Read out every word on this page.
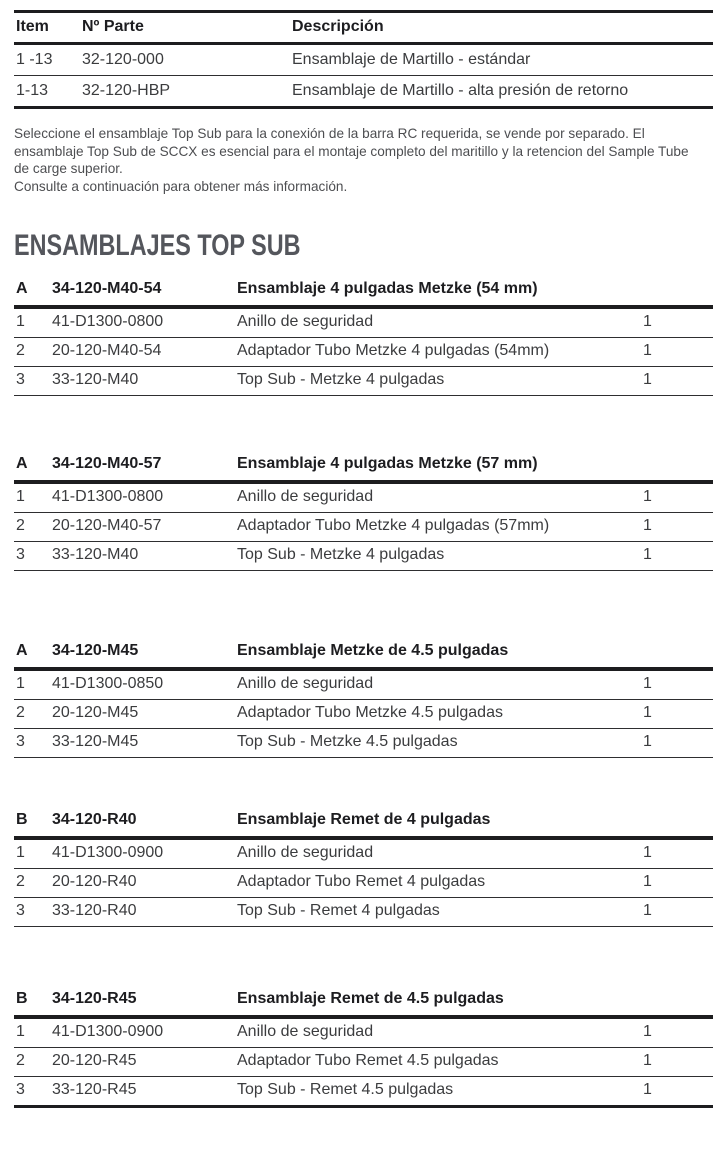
Item	Nº Parte	Descripción
1 -13	32-120-000	Ensamblaje de Martillo - estándar
1-13	32-120-HBP	Ensamblaje de Martillo - alta presión de retorno
Seleccione el ensamblaje Top Sub para la conexión de la barra RC requerida, se vende por separado. El ensamblaje Top Sub de SCCX es esencial para el montaje completo del maritillo y la retencion del Sample Tube de carge superior.
Consulte a continuación para obtener más información.
ENSAMBLAJES TOP SUB
A	34-120-M40-54	Ensamblaje 4 pulgadas Metzke (54 mm)	
1	41-D1300-0800	Anillo de seguridad	1
2	20-120-M40-54	Adaptador Tubo Metzke 4 pulgadas (54mm)	1
3	33-120-M40	Top Sub - Metzke 4 pulgadas	1
A	34-120-M40-57	Ensamblaje 4 pulgadas Metzke (57 mm)	
1	41-D1300-0800	Anillo de seguridad	1
2	20-120-M40-57	Adaptador Tubo Metzke 4 pulgadas (57mm)	1
3	33-120-M40	Top Sub - Metzke 4 pulgadas	1
A	34-120-M45	Ensamblaje Metzke de 4.5 pulgadas	
1	41-D1300-0850	Anillo de seguridad	1
2	20-120-M45	Adaptador Tubo Metzke 4.5 pulgadas	1
3	33-120-M45	Top Sub - Metzke 4.5 pulgadas	1
B	34-120-R40	Ensamblaje Remet de 4 pulgadas	
1	41-D1300-0900	Anillo de seguridad	1
2	20-120-R40	Adaptador Tubo Remet 4 pulgadas	1
3	33-120-R40	Top Sub - Remet 4 pulgadas	1
B	34-120-R45	Ensamblaje Remet de 4.5 pulgadas	
1	41-D1300-0900	Anillo de seguridad	1
2	20-120-R45	Adaptador Tubo Remet 4.5 pulgadas	1
3	33-120-R45	Top Sub - Remet 4.5 pulgadas	1
